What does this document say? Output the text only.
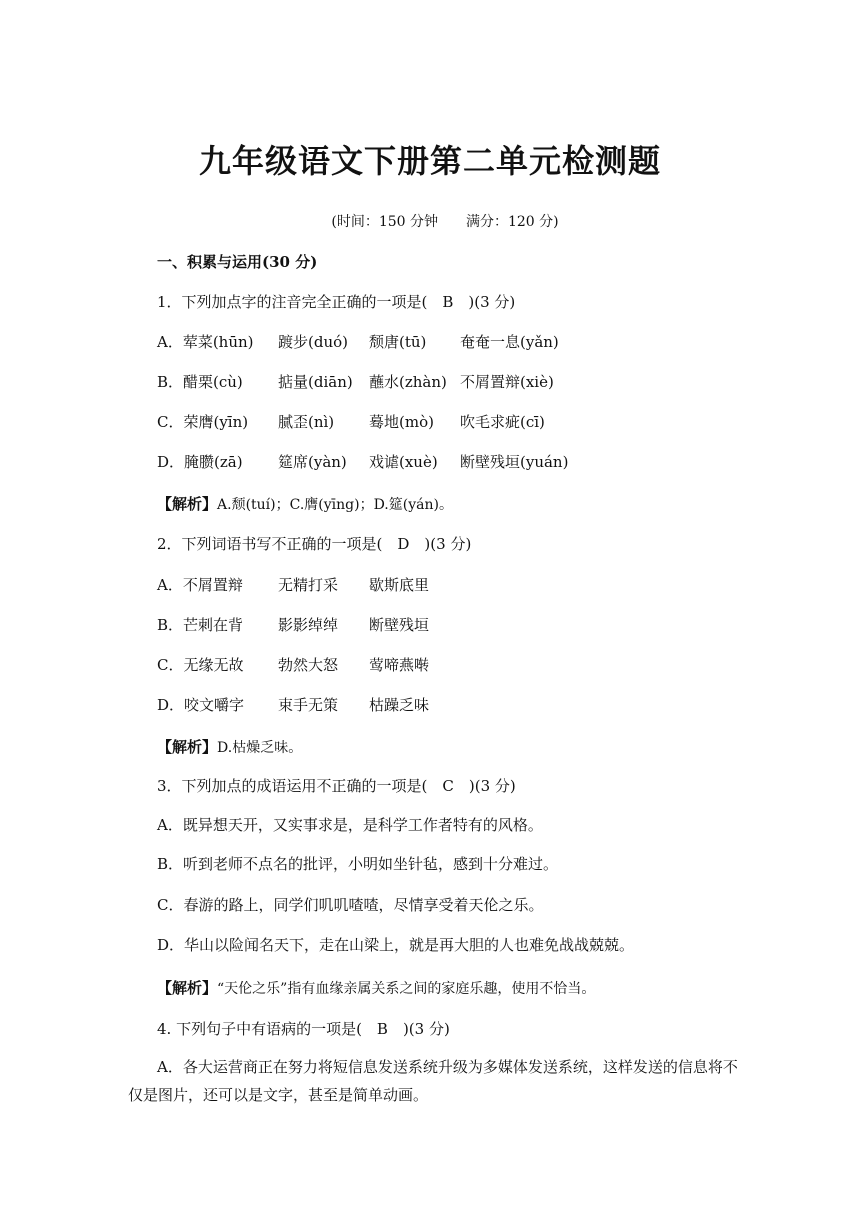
九年级语文下册第二单元检测题
(时间：150 分钟　　满分：120 分)
一、积累与运用(30 分)
1．下列加点字的注音完全正确的一项是(　B　)(3 分)
A．荤菜(hūn) 踱步(duó) 颓唐(tū) 奄奄一息(yǎn)
B．醋栗(cù) 掂量(diān) 蘸水(zhàn) 不屑置辩(xiè)
C．荣膺(yīn) 腻歪(nì) 蓦地(mò) 吹毛求疵(cī)
D．腌臜(zā) 筵席(yàn) 戏谑(xuè) 断壁残垣(yuán)
【解析】A.颓(tuí)；C.膺(yīng)；D.筵(yán)。
2．下列词语书写不正确的一项是(　D　)(3 分)
A．不屑置辩 无精打采 歇斯底里
B．芒刺在背 影影绰绰 断壁残垣
C．无缘无故 勃然大怒 莺啼燕啭
D．咬文嚼字 束手无策 枯躁乏味
【解析】D.枯燥乏味。
3．下列加点的成语运用不正确的一项是(　C　)(3 分)
A．既异想天开，又实事求是，是科学工作者特有的风格。
B．听到老师不点名的批评，小明如坐针毡，感到十分难过。
C．春游的路上，同学们叽叽喳喳，尽情享受着天伦之乐。
D．华山以险闻名天下，走在山梁上，就是再大胆的人也难免战战兢兢。
【解析】“天伦之乐”指有血缘亲属关系之间的家庭乐趣，使用不恰当。
4. 下列句子中有语病的一项是(　B　)(3 分)
A．各大运营商正在努力将短信息发送系统升级为多媒体发送系统，这样发送的信息将不仅是图片，还可以是文字，甚至是简单动画。
